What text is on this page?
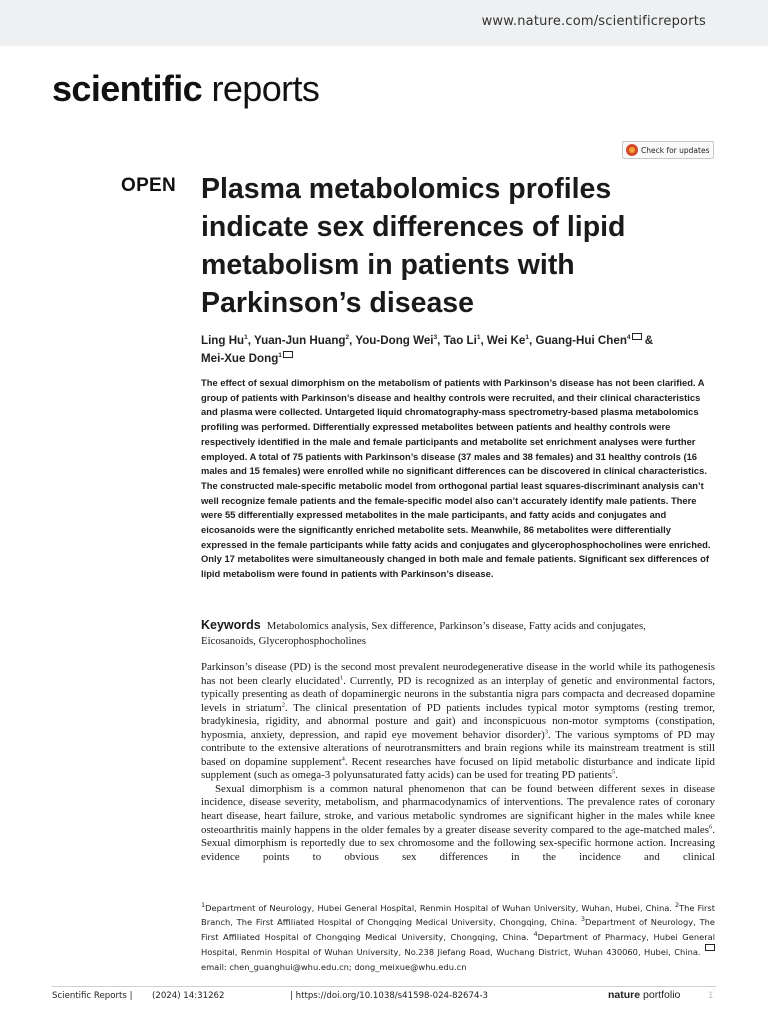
www.nature.com/scientificreports
scientific reports
Check for updates
OPEN Plasma metabolomics profiles indicate sex differences of lipid metabolism in patients with Parkinson’s disease

Ling Hu$^1$, Yuan-Jun Huang$^2$, You-Dong Wei$^3$, Tao Li$^1$, Wei Ke$^1$, Guang-Hui Chen$^4$ & Mei-Xue Dong$^1$

The effect of sexual dimorphism on the metabolism of patients with Parkinson’s disease has not been clarified. A group of patients with Parkinson’s disease and healthy controls were recruited, and their clinical characteristics and plasma were collected. Untargeted liquid chromatography-mass spectrometry-based plasma metabolomics profiling was performed. Differentially expressed metabolites between patients and healthy controls were respectively identified in the male and female participants and metabolite set enrichment analyses were further employed. A total of 75 patients with Parkinson’s disease (37 males and 38 females) and 31 healthy controls (16 males and 15 females) were enrolled while no significant differences can be discovered in clinical characteristics. The constructed male-specific metabolic model from orthogonal partial least squares-discriminant analysis can’t well recognize female patients and the female-specific model also can’t accurately identify male patients. There were 55 differentially expressed metabolites in the male participants, and fatty acids and conjugates and eicosanoids were the significantly enriched metabolite sets. Meanwhile, 86 metabolites were differentially expressed in the female participants while fatty acids and conjugates and glycerophosphocholines were enriched. Only 17 metabolites were simultaneously changed in both male and female patients. Significant sex differences of lipid metabolism were found in patients with Parkinson’s disease.

Keywords Metabolomics analysis, Sex difference, Parkinson’s disease, Fatty acids and conjugates, Eicosanoids, Glycerophosphocholines

Parkinson’s disease (PD) is the second most prevalent neurodegenerative disease in the world while its pathogenesis has not been clearly elucidated$^1$. Currently, PD is recognized as an interplay of genetic and environmental factors, typically presenting as death of dopaminergic neurons in the substantia nigra pars compacta and decreased dopamine levels in striatum$^2$. The clinical presentation of PD patients includes typical motor symptoms (resting tremor, bradykinesia, rigidity, and abnormal posture and gait) and inconspicuous non-motor symptoms (constipation, hyposmia, anxiety, depression, and rapid eye movement behavior disorder)$^3$. The various symptoms of PD may contribute to the extensive alterations of neurotransmitters and brain regions while its mainstream treatment is still based on dopamine supplement$^4$. Recent researches have focused on lipid metabolic disturbance and indicate lipid supplement (such as omega-3 polyunsaturated fatty acids) can be used for treating PD patients$^5$.

Sexual dimorphism is a common natural phenomenon that can be found between different sexes in disease incidence, disease severity, metabolism, and pharmacodynamics of interventions. The prevalence rates of coronary heart disease, heart failure, stroke, and various metabolic syndromes are significant higher in the males while knee osteoarthritis mainly happens in the older females by a greater disease severity compared to the age-matched males$^6$. Sexual dimorphism is reportedly due to sex chromosome and the following sex-specific hormone action. Increasing evidence points to obvious sex differences in the incidence and clinical

$^1$Department of Neurology, Hubei General Hospital, Renmin Hospital of Wuhan University, Wuhan, Hubei, China. $^2$The First Branch, The First Affiliated Hospital of Chongqing Medical University, Chongqing, China. $^3$Department of Neurology, The First Affiliated Hospital of Chongqing Medical University, Chongqing, China. $^4$Department of Pharmacy, Hubei General Hospital, Renmin Hospital of Wuhan University, No.238 Jiefang Road, Wuchang District, Wuhan 430060, Hubei, China. email: chen_guanghui@whu.edu.cn; dong_meixue@whu.edu.cn
Scientific Reports | (2024) 14:31262	| https://doi.org/10.1038/s41598-024-82674-3	nature portfolio	1
